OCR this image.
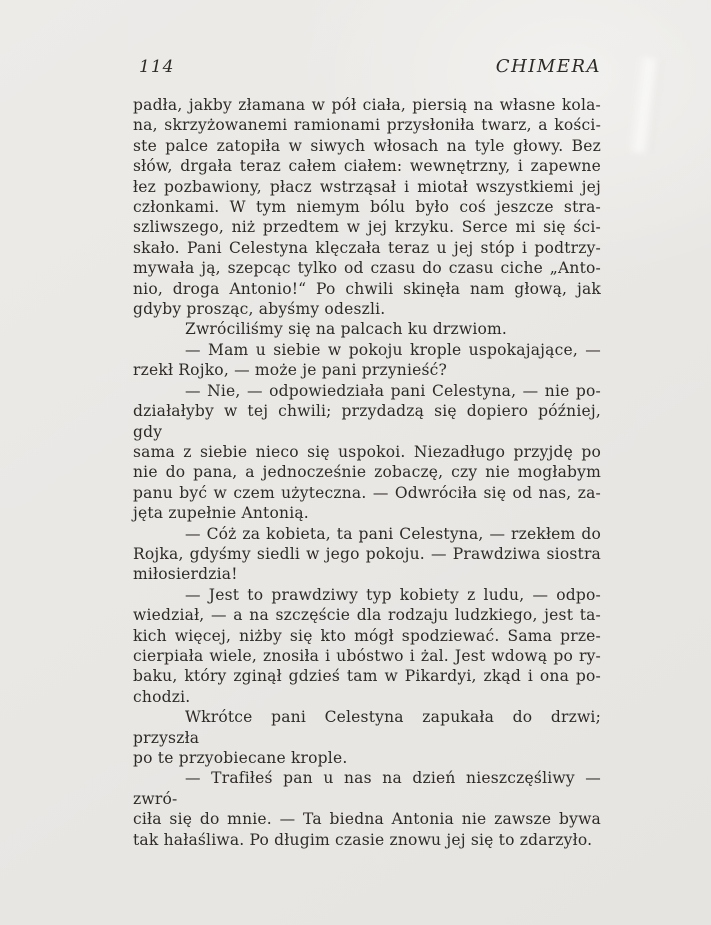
114	CHIMERA
padła, jakby złamana w pół ciała, piersią na własne kola-
na, skrzyżowanemi ramionami przysłoniła twarz, a kości-
ste palce zatopiła w siwych włosach na tyle głowy. Bez
słów, drgała teraz całem ciałem: wewnętrzny, i zapewne
łez pozbawiony, płacz wstrząsał i miotał wszystkiemi jej
członkami. W tym niemym bólu było coś jeszcze stra-
szliwszego, niż przedtem w jej krzyku. Serce mi się ści-
skało. Pani Celestyna klęczała teraz u jej stóp i podtrzy-
mywała ją, szepcąc tylko od czasu do czasu ciche „Anto-
nio, droga Antonio!“ Po chwili skinęła nam głową, jak
gdyby prosząc, abyśmy odeszli.
Zwróciliśmy się na palcach ku drzwiom.
— Mam u siebie w pokoju krople uspokajające, —
rzekł Rojko, — może je pani przynieść?
— Nie, — odpowiedziała pani Celestyna, — nie po-
działałyby w tej chwili; przydadzą się dopiero później, gdy
sama z siebie nieco się uspokoi. Niezadługo przyjdę po
nie do pana, a jednocześnie zobaczę, czy nie mogłabym
panu być w czem użyteczna. — Odwróciła się od nas, za-
jęta zupełnie Antonią.
— Cóż za kobieta, ta pani Celestyna, — rzekłem do
Rojka, gdyśmy siedli w jego pokoju. — Prawdziwa siostra
miłosierdzia!
— Jest to prawdziwy typ kobiety z ludu, — odpo-
wiedział, — a na szczęście dla rodzaju ludzkiego, jest ta-
kich więcej, niżby się kto mógł spodziewać. Sama prze-
cierpiała wiele, znosiła i ubóstwo i żal. Jest wdową po ry-
baku, który zginął gdzieś tam w Pikardyi, zkąd i ona po-
chodzi.
Wkrótce pani Celestyna zapukała do drzwi; przyszła
po te przyobiecane krople.
— Trafiłeś pan u nas na dzień nieszczęśliwy — zwró-
ciła się do mnie. — Ta biedna Antonia nie zawsze bywa
tak hałaśliwa. Po długim czasie znowu jej się to zdarzyło.
